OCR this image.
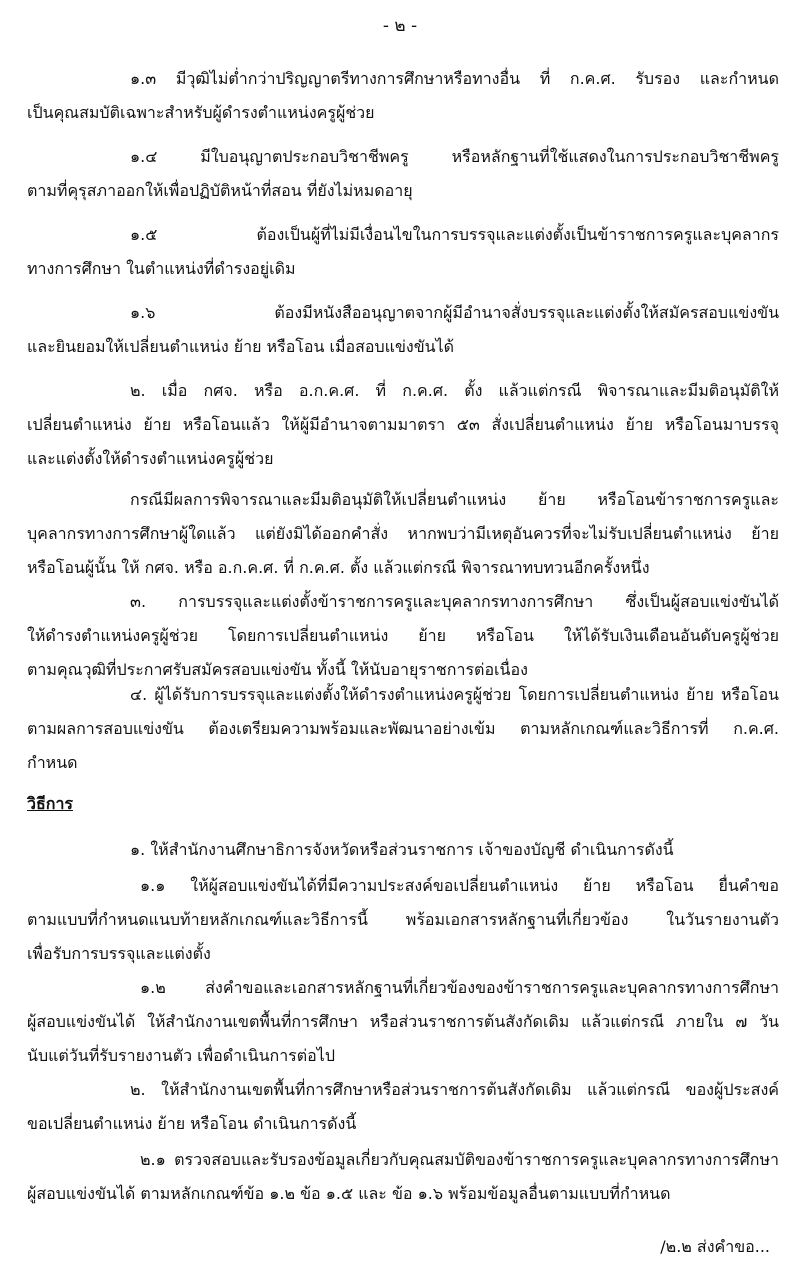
- ๒ -
๑.๓ มีวุฒิไม่ต่ำกว่าปริญญาตรีทางการศึกษาหรือทางอื่น ที่ ก.ค.ศ. รับรอง และกำหนด
เป็นคุณสมบัติเฉพาะสำหรับผู้ดำรงตำแหน่งครูผู้ช่วย
๑.๔ มีใบอนุญาตประกอบวิชาชีพครู หรือหลักฐานที่ใช้แสดงในการประกอบวิชาชีพครู
ตามที่คุรุสภาออกให้เพื่อปฏิบัติหน้าที่สอน ที่ยังไม่หมดอายุ
๑.๕ ต้องเป็นผู้ที่ไม่มีเงื่อนไขในการบรรจุและแต่งตั้งเป็นข้าราชการครูและบุคลากร
ทางการศึกษา ในตำแหน่งที่ดำรงอยู่เดิม
๑.๖ ต้องมีหนังสืออนุญาตจากผู้มีอำนาจสั่งบรรจุและแต่งตั้งให้สมัครสอบแข่งขัน
และยินยอมให้เปลี่ยนตำแหน่ง ย้าย หรือโอน เมื่อสอบแข่งขันได้
๒. เมื่อ กศจ. หรือ อ.ก.ค.ศ. ที่ ก.ค.ศ. ตั้ง แล้วแต่กรณี พิจารณาและมีมติอนุมัติให้
เปลี่ยนตำแหน่ง ย้าย หรือโอนแล้ว ให้ผู้มีอำนาจตามมาตรา ๕๓ สั่งเปลี่ยนตำแหน่ง ย้าย หรือโอนมาบรรจุ
และแต่งตั้งให้ดำรงตำแหน่งครูผู้ช่วย
กรณีมีผลการพิจารณาและมีมติอนุมัติให้เปลี่ยนตำแหน่ง ย้าย หรือโอนข้าราชการครูและ
บุคลากรทางการศึกษาผู้ใดแล้ว แต่ยังมิได้ออกคำสั่ง หากพบว่ามีเหตุอันควรที่จะไม่รับเปลี่ยนตำแหน่ง ย้าย
หรือโอนผู้นั้น ให้ กศจ. หรือ อ.ก.ค.ศ. ที่ ก.ค.ศ. ตั้ง แล้วแต่กรณี พิจารณาทบทวนอีกครั้งหนึ่ง
๓. การบรรจุและแต่งตั้งข้าราชการครูและบุคลากรทางการศึกษา ซึ่งเป็นผู้สอบแข่งขันได้
ให้ดำรงตำแหน่งครูผู้ช่วย โดยการเปลี่ยนตำแหน่ง ย้าย หรือโอน ให้ได้รับเงินเดือนอันดับครูผู้ช่วย
ตามคุณวุฒิที่ประกาศรับสมัครสอบแข่งขัน ทั้งนี้ ให้นับอายุราชการต่อเนื่อง
๔. ผู้ได้รับการบรรจุและแต่งตั้งให้ดำรงตำแหน่งครูผู้ช่วย โดยการเปลี่ยนตำแหน่ง ย้าย หรือโอน
ตามผลการสอบแข่งขัน ต้องเตรียมความพร้อมและพัฒนาอย่างเข้ม ตามหลักเกณฑ์และวิธีการที่ ก.ค.ศ.
กำหนด
วิธีการ
๑. ให้สำนักงานศึกษาธิการจังหวัดหรือส่วนราชการ เจ้าของบัญชี ดำเนินการดังนี้
๑.๑ ให้ผู้สอบแข่งขันได้ที่มีความประสงค์ขอเปลี่ยนตำแหน่ง ย้าย หรือโอน ยื่นคำขอ
ตามแบบที่กำหนดแนบท้ายหลักเกณฑ์และวิธีการนี้ พร้อมเอกสารหลักฐานที่เกี่ยวข้อง ในวันรายงานตัว
เพื่อรับการบรรจุและแต่งตั้ง
๑.๒ ส่งคำขอและเอกสารหลักฐานที่เกี่ยวข้องของข้าราชการครูและบุคลากรทางการศึกษา
ผู้สอบแข่งขันได้ ให้สำนักงานเขตพื้นที่การศึกษา หรือส่วนราชการต้นสังกัดเดิม แล้วแต่กรณี ภายใน ๗ วัน
นับแต่วันที่รับรายงานตัว เพื่อดำเนินการต่อไป
๒. ให้สำนักงานเขตพื้นที่การศึกษาหรือส่วนราชการต้นสังกัดเดิม แล้วแต่กรณี ของผู้ประสงค์
ขอเปลี่ยนตำแหน่ง ย้าย หรือโอน ดำเนินการดังนี้
๒.๑ ตรวจสอบและรับรองข้อมูลเกี่ยวกับคุณสมบัติของข้าราชการครูและบุคลากรทางการศึกษา
ผู้สอบแข่งขันได้ ตามหลักเกณฑ์ข้อ ๑.๒ ข้อ ๑.๕ และ ข้อ ๑.๖ พร้อมข้อมูลอื่นตามแบบที่กำหนด
/๒.๒ ส่งคำขอ...
